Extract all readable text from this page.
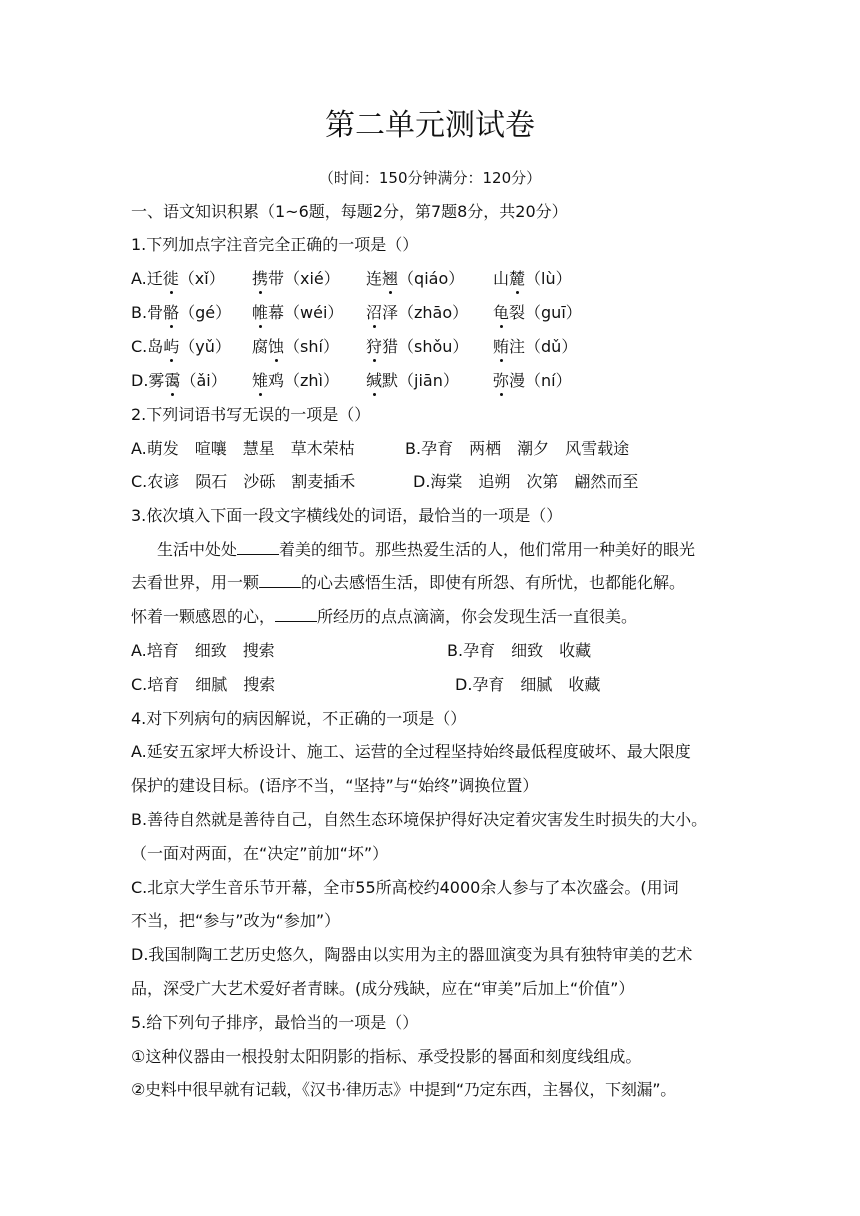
第二单元测试卷
（时间：150分钟满分：120分）
一、语文知识积累（1~6题，每题2分，第7题8分，共20分）
1.下列加点字注音完全正确的一项是（）
A.迁徙（xǐ） 携带（xié） 连翘（qiáo） 山麓（lù）
B.骨骼（gé） 帷幕（wéi） 沼泽（zhāo） 龟裂（guī）
C.岛屿（yǔ） 腐蚀（shí） 狩猎（shǒu） 贿注（dǔ）
D.雾霭（ǎi） 雉鸡（zhì） 缄默（jiān） 弥漫（ní）
2.下列词语书写无误的一项是（）
A.萌发　喧嚷　慧星　草木荣枯	B.孕育　两栖　潮夕　风雪载途
C.农谚　陨石　沙砾　割麦插禾	D.海棠　追朔　次第　翩然而至
3.依次填入下面一段文字横线处的词语，最恰当的一项是（）
生活中处处	着美的细节。那些热爱生活的人，他们常用一种美好的眼光
去看世界，用一颗	的心去感悟生活，即使有所怨、有所忧，也都能化解。
怀着一颗感恩的心，	所经历的点点滴滴，你会发现生活一直很美。
A.培育　细致　搜索	B.孕育　细致　收藏
C.培育　细腻　搜索	D.孕育　细腻　收藏
4.对下列病句的病因解说，不正确的一项是（）
A.延安五家坪大桥设计、施工、运营的全过程坚持始终最低程度破坏、最大限度
保护的建设目标。(语序不当，“坚持”与“始终”调换位置）
B.善待自然就是善待自己，自然生态环境保护得好决定着灾害发生时损失的大小。
（一面对两面，在“决定”前加“坏”）
C.北京大学生音乐节开幕，全市55所高校约4000余人参与了本次盛会。(用词
不当，把“参与”改为“参加”）
D.我国制陶工艺历史悠久，陶器由以实用为主的器皿演变为具有独特审美的艺术
品，深受广大艺术爱好者青睐。(成分残缺，应在“审美”后加上“价值”）
5.给下列句子排序，最恰当的一项是（）
①这种仪器由一根投射太阳阴影的指标、承受投影的晷面和刻度线组成。
②史料中很早就有记载，《汉书·律历志》中提到“乃定东西，主晷仪，下刻漏”。
